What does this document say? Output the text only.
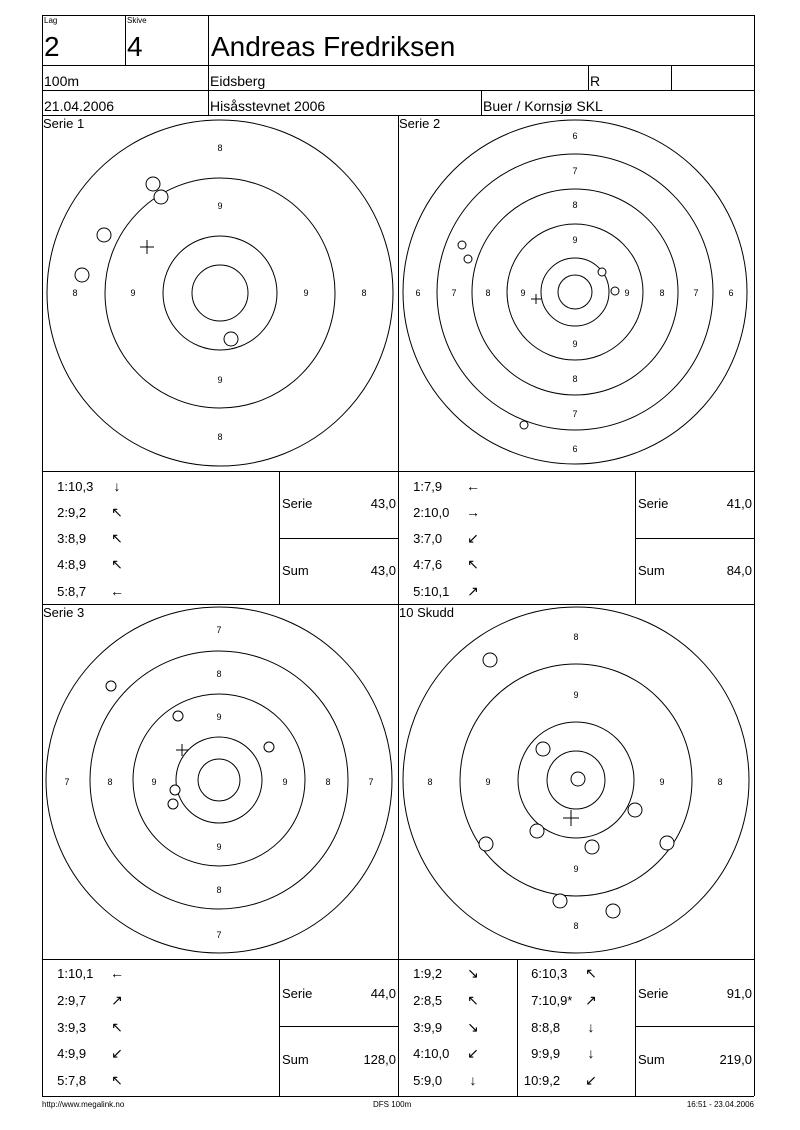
Lag
2
Skive
4 Andreas Fredriksen
100m	Eidsberg	R
21.04.2006	Hisåsstevnet 2006	Buer / Kornsjø SKL
Serie 1	Serie 2
Serie 3	10 Skudd
8
9
9
8
8	9	9	8
6
7
8
9
9
8
7
6
6	7	8	9	9	8	7	6
7
8
9
9
8
7
7	8	9	9	8	7
8
9
9
8
8	9	9	8
1:10,3 ↓
2:9,2 ↖
3:8,9 ↖
4:8,9 ↖
5:8,7 ←
Serie	43,0
Sum	43,0
1:7,9 ←
2:10,0 →
3:7,0 ↙
4:7,6 ↖
5:10,1 ↗
Serie	41,0
Sum	84,0
1:10,1 ←
2:9,7 ↗
3:9,3 ↖
4:9,9 ↙
5:7,8 ↖
Serie	44,0
Sum	128,0
1:9,2 ↘
2:8,5 ↖
3:9,9 ↘
4:10,0 ↙
5:9,0 ↓
6:10,3 ↖
7:10,9* ↗
8:8,8 ↓
9:9,9 ↓
10:9,2 ↙
Serie	91,0
Sum	219,0
http://www.megalink.no	DFS 100m	16:51 - 23.04.2006
